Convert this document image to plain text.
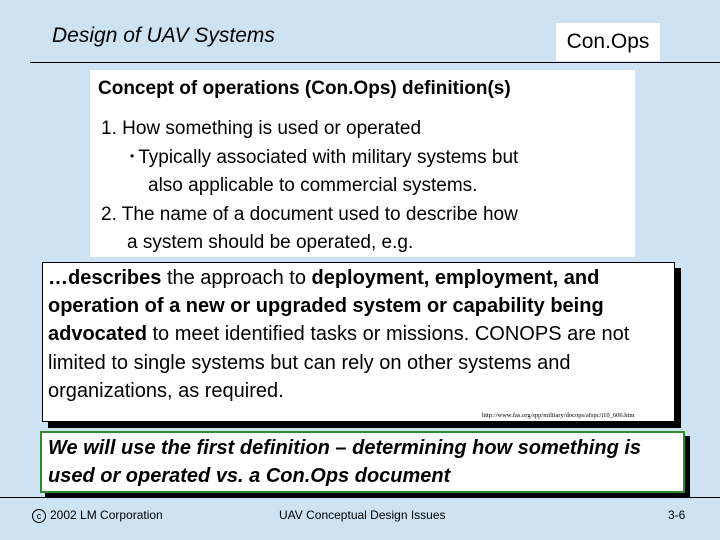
Design of UAV Systems	Con.Ops
Concept of operations (Con.Ops) definition(s)
1. How something is used or operated
• Typically associated with military systems but
also applicable to commercial systems.
2. The name of a document used to describe how
a system should be operated, e.g.
…describes the approach to deployment, employment, and operation of a new or upgraded system or capability being advocated to meet identified tasks or missions. CONOPS are not limited to single systems but can rely on other systems and organizations, as required.
http://www.fas.org/spp/military/docops/afspc/i10_606.htm
We will use the first definition – determining how something is used or operated vs. a Con.Ops document
c 2002 LM Corporation	UAV Conceptual Design Issues	3-6
